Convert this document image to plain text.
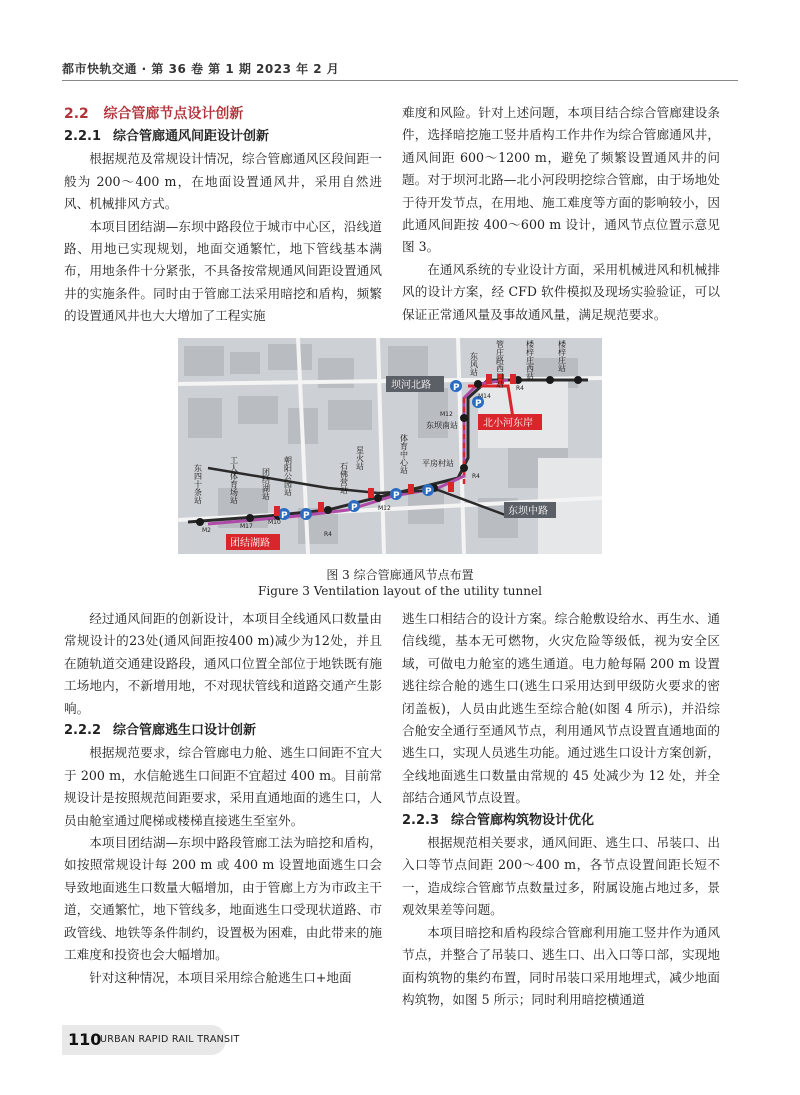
都市快轨交通 · 第 36 卷 第 1 期 2023 年 2 月
2.2 综合管廊节点设计创新
2.2.1 综合管廊通风间距设计创新

根据规范及常规设计情况，综合管廊通风区段间距一般为 200～400 m，在地面设置通风井，采用自然进风、机械排风方式。

本项目团结湖—东坝中路段位于城市中心区，沿线道路、用地已实现规划，地面交通繁忙，地下管线基本满布，用地条件十分紧张，不具备按常规通风间距设置通风井的实施条件。同时由于管廊工法采用暗挖和盾构，频繁的设置通风井也大大增加了工程实施

难度和风险。针对上述问题，本项目结合综合管廊建设条件，选择暗挖施工竖井盾构工作井作为综合管廊通风井，通风间距 600～1200 m，避免了频繁设置通风井的问题。对于坝河北路—北小河段明挖综合管廊，由于场地处于待开发节点，在用地、施工难度等方面的影响较小，因此通风间距按 400～600 m 设计，通风节点位置示意见图 3。

在通风系统的专业设计方面，采用机械进风和机械排风的设计方案，经 CFD 软件模拟及现场实验验证，可以保证正常通风量及事故通风量，满足规范要求。

P P
P
P	P
P
P
坝河北路
北小河东岸
东坝中路
团结湖路
管庄路西口站	楼梓庄西站	楼梓庄站
东风站
东坝南站
体育中心站 平房村站
星火站
石佛营站
朝阳公园站
团结湖站
工人体育场站
东四十条站
M2
M17
M10
R4
M12
R4
R4
M12
M14
图 3 综合管廊通风节点布置
Figure 3 Ventilation layout of the utility tunnel

经过通风间距的创新设计，本项目全线通风口数量由常规设计的23处(通风间距按400 m)减少为12处，并且在随轨道交通建设路段，通风口位置全部位于地铁既有施工场地内，不新增用地，不对现状管线和道路交通产生影响。

2.2.2 综合管廊逃生口设计创新

根据规范要求，综合管廊电力舱、逃生口间距不宜大于 200 m，水信舱逃生口间距不宜超过 400 m。目前常规设计是按照规范间距要求，采用直通地面的逃生口，人员由舱室通过爬梯或楼梯直接逃生至室外。

本项目团结湖—东坝中路段管廊工法为暗挖和盾构，如按照常规设计每 200 m 或 400 m 设置地面逃生口会导致地面逃生口数量大幅增加，由于管廊上方为市政主干道，交通繁忙，地下管线多，地面逃生口受现状道路、市政管线、地铁等条件制约，设置极为困难，由此带来的施工难度和投资也会大幅增加。

针对这种情况，本项目采用综合舱逃生口+地面

逃生口相结合的设计方案。综合舱敷设给水、再生水、通信线缆，基本无可燃物，火灾危险等级低，视为安全区域，可做电力舱室的逃生通道。电力舱每隔 200 m 设置逃往综合舱的逃生口(逃生口采用达到甲级防火要求的密闭盖板)，人员由此逃生至综合舱(如图 4 所示)，并沿综合舱安全通行至通风节点，利用通风节点设置直通地面的逃生口，实现人员逃生功能。通过逃生口设计方案创新，全线地面逃生口数量由常规的 45 处减少为 12 处，并全部结合通风节点设置。

2.2.3 综合管廊构筑物设计优化

根据规范相关要求，通风间距、逃生口、吊装口、出入口等节点间距 200～400 m，各节点设置间距长短不一，造成综合管廊节点数量过多，附属设施占地过多，景观效果差等问题。

本项目暗挖和盾构段综合管廊利用施工竖井作为通风节点，并整合了吊装口、逃生口、出入口等口部，实现地面构筑物的集约布置，同时吊装口采用地埋式，减少地面构筑物，如图 5 所示；同时利用暗挖横通道

110
URBAN RAPID RAIL TRANSIT
